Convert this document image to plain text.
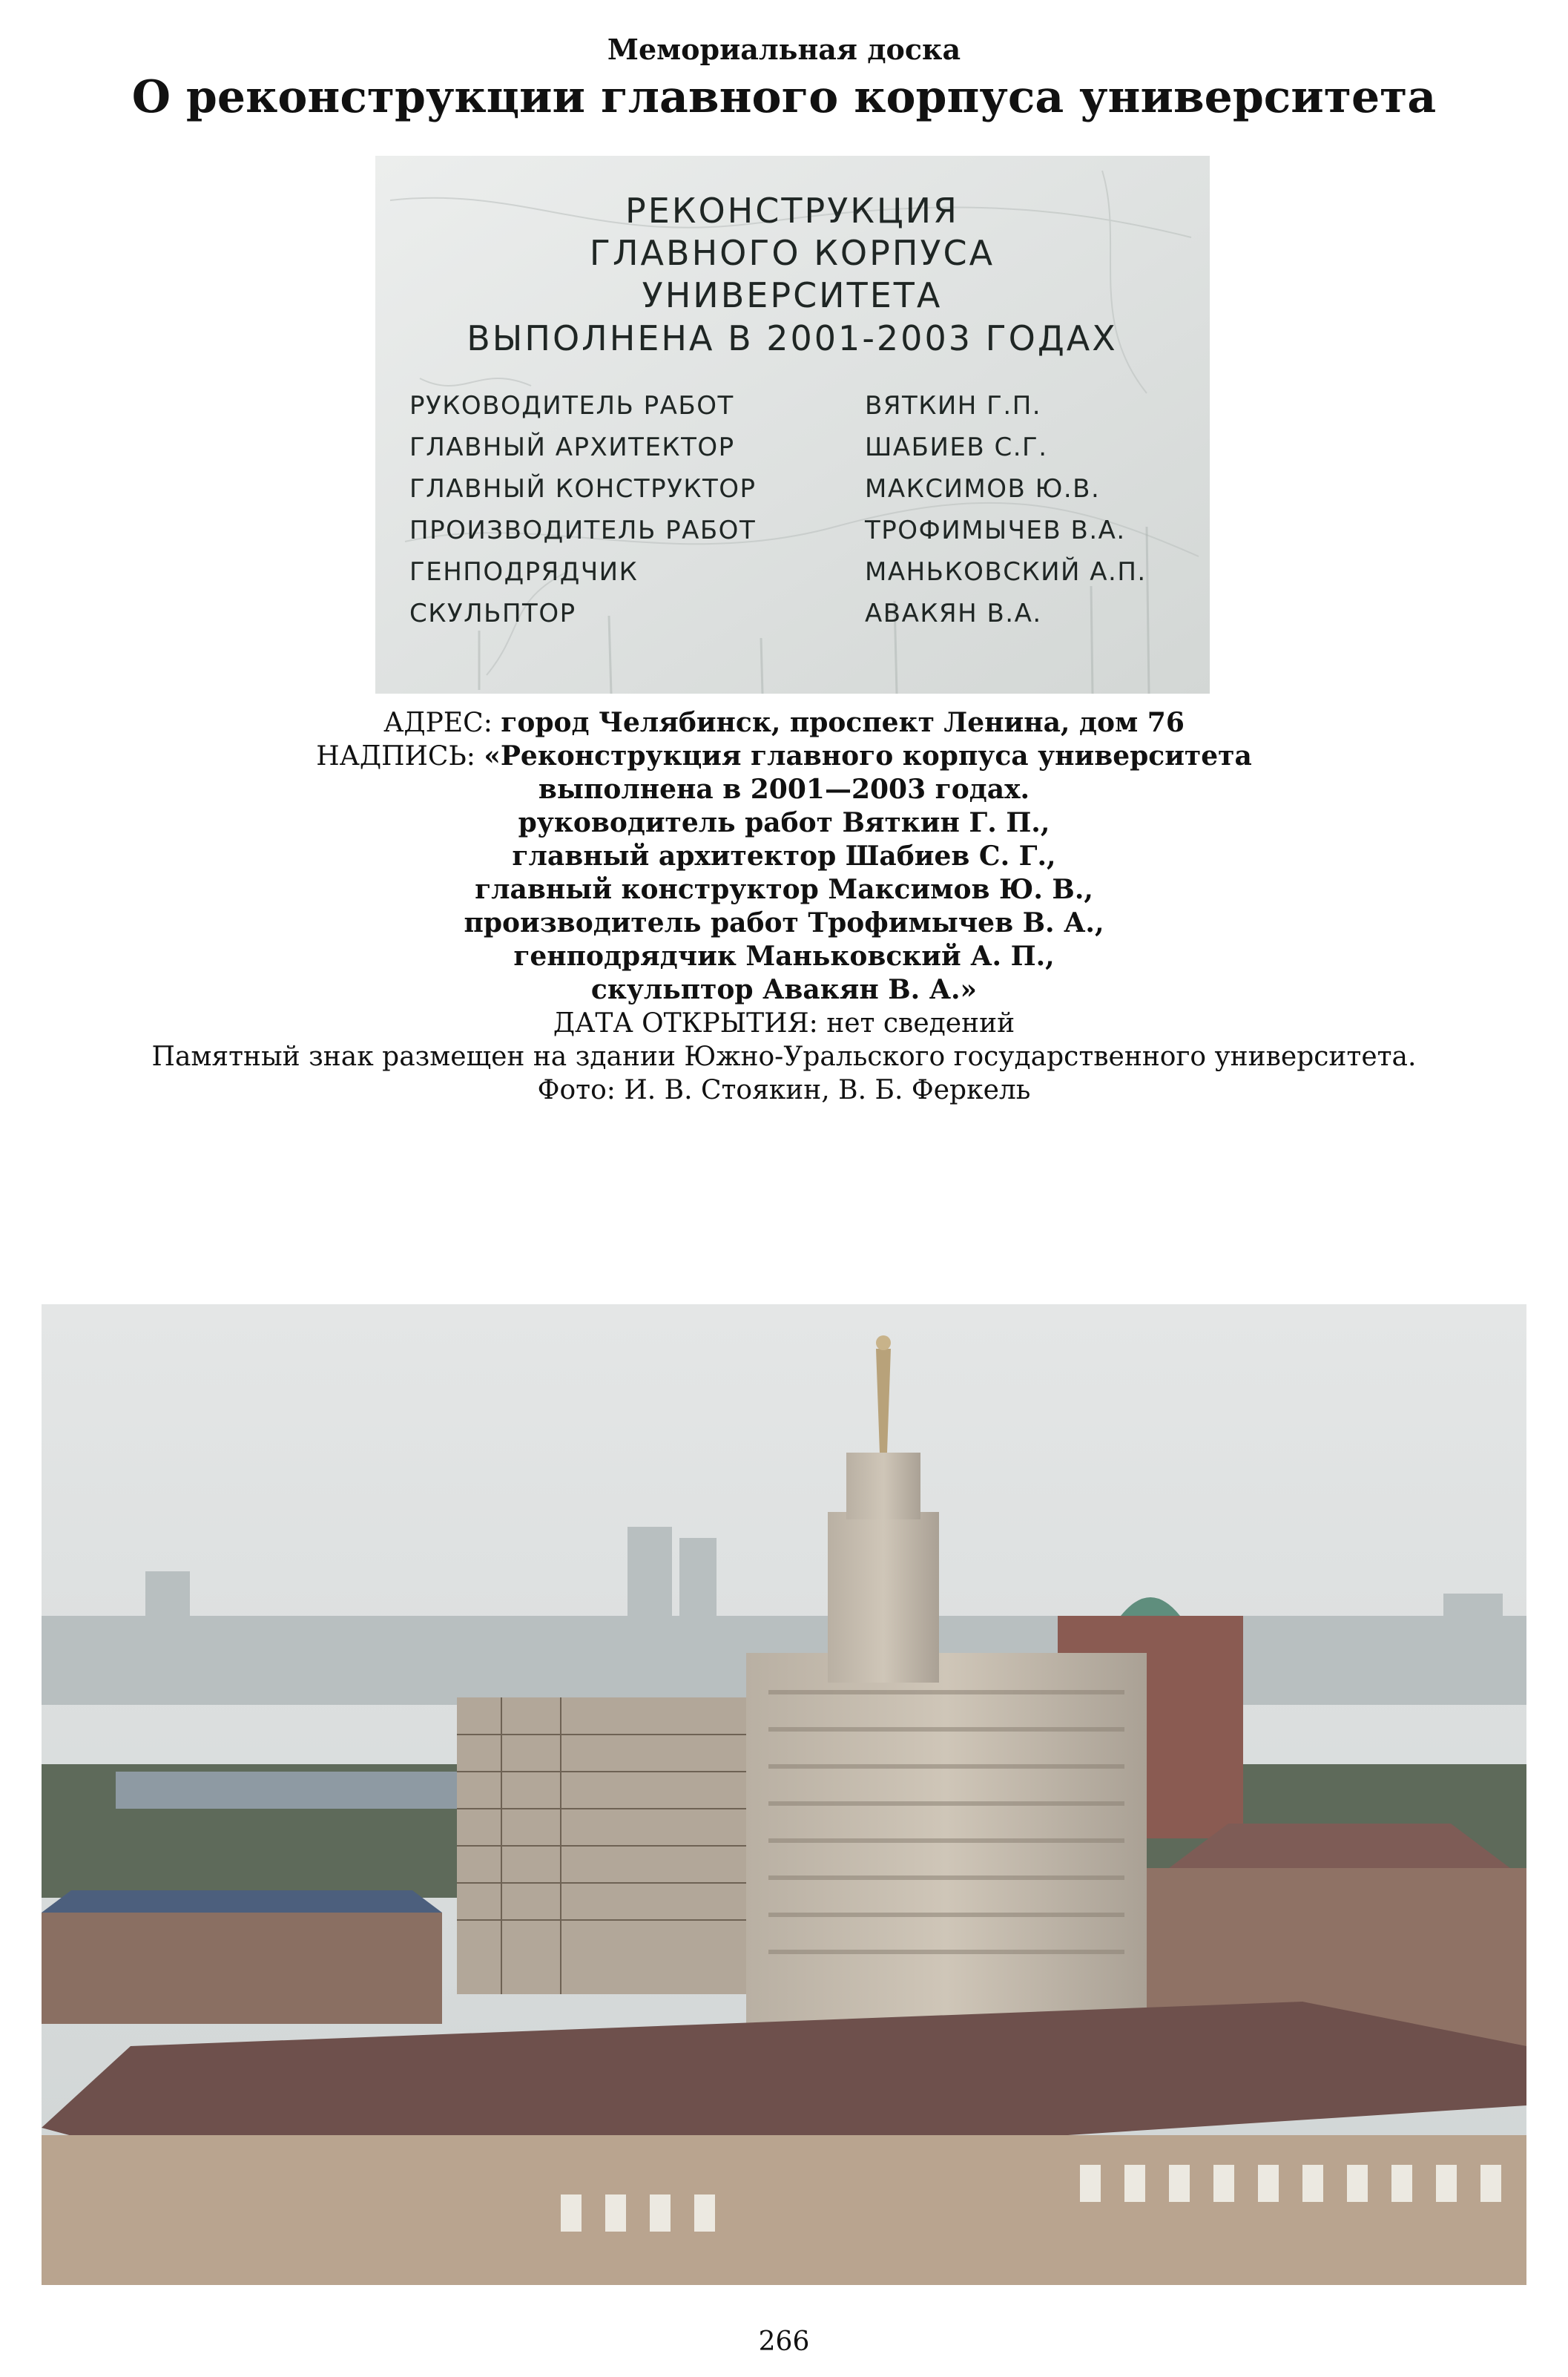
Мемориальная доска
О реконструкции главного корпуса университета
РЕКОНСТРУКЦИЯ
ГЛАВНОГО КОРПУСА
УНИВЕРСИТЕТА
ВЫПОЛНЕНА В 2001-2003 ГОДАХ
РУКОВОДИТЕЛЬ РАБОТ	ВЯТКИН Г.П.
ГЛАВНЫЙ АРХИТЕКТОР	ШАБИЕВ С.Г.
ГЛАВНЫЙ КОНСТРУКТОР	МАКСИМОВ Ю.В.
ПРОИЗВОДИТЕЛЬ РАБОТ	ТРОФИМЫЧЕВ В.А.
ГЕНПОДРЯДЧИК	МАНЬКОВСКИЙ А.П.
СКУЛЬПТОР	АВАКЯН В.А.
АДРЕС: город Челябинск, проспект Ленина, дом 76
НАДПИСЬ: «Реконструкция главного корпуса университета
выполнена в 2001—2003 годах.
руководитель работ Вяткин Г. П.,
главный архитектор Шабиев С. Г.,
главный конструктор Максимов Ю. В.,
производитель работ Трофимычев В. А.,
генподрядчик Маньковский А. П.,
скульптор Авакян В. А.»
ДАТА ОТКРЫТИЯ: нет сведений
Памятный знак размещен на здании Южно-Уральского государственного университета.
Фото: И. В. Стоякин, В. Б. Феркель
266
